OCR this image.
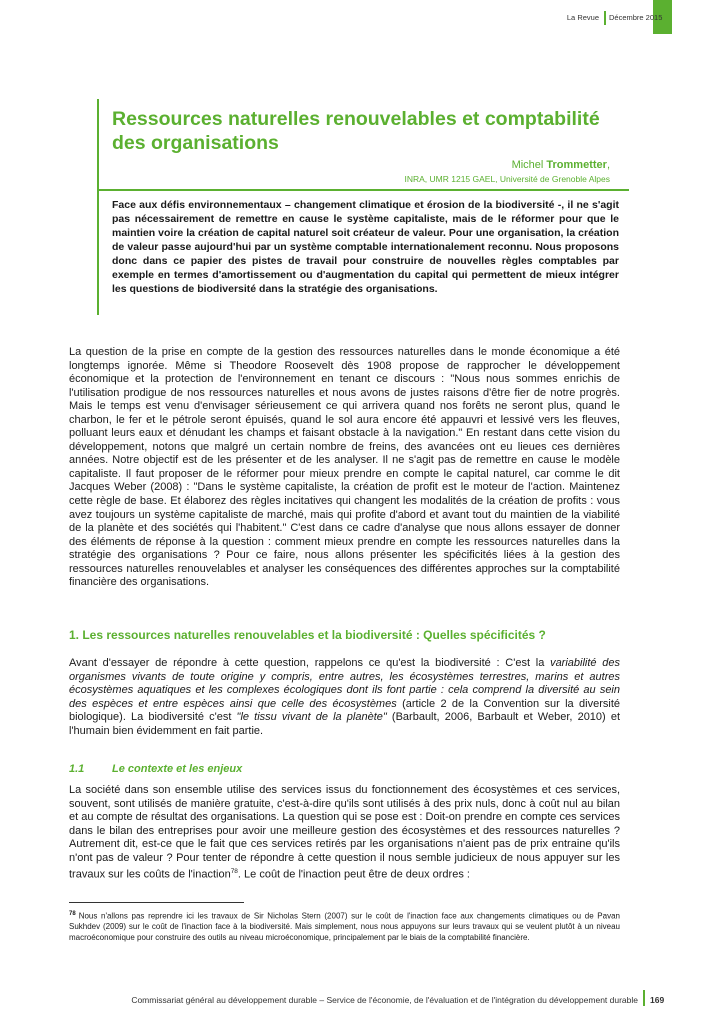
La Revue Décembre 2015
Ressources naturelles renouvelables et comptabilité des organisations
Michel Trommetter,
INRA, UMR 1215 GAEL, Université de Grenoble Alpes
Face aux défis environnementaux – changement climatique et érosion de la biodiversité -, il ne s'agit pas nécessairement de remettre en cause le système capitaliste, mais de le réformer pour que le maintien voire la création de capital naturel soit créateur de valeur. Pour une organisation, la création de valeur passe aujourd'hui par un système comptable internationalement reconnu. Nous proposons donc dans ce papier des pistes de travail pour construire de nouvelles règles comptables par exemple en termes d'amortissement ou d'augmentation du capital qui permettent de mieux intégrer les questions de biodiversité dans la stratégie des organisations.
La question de la prise en compte de la gestion des ressources naturelles dans le monde économique a été longtemps ignorée. Même si Theodore Roosevelt dès 1908 propose de rapprocher le développement économique et la protection de l'environnement en tenant ce discours : "Nous nous sommes enrichis de l'utilisation prodigue de nos ressources naturelles et nous avons de justes raisons d'être fier de notre progrès. Mais le temps est venu d'envisager sérieusement ce qui arrivera quand nos forêts ne seront plus, quand le charbon, le fer et le pétrole seront épuisés, quand le sol aura encore été appauvri et lessivé vers les fleuves, polluant leurs eaux et dénudant les champs et faisant obstacle à la navigation." En restant dans cette vision du développement, notons que malgré un certain nombre de freins, des avancées ont eu lieues ces dernières années. Notre objectif est de les présenter et de les analyser. Il ne s'agit pas de remettre en cause le modèle capitaliste. Il faut proposer de le réformer pour mieux prendre en compte le capital naturel, car comme le dit Jacques Weber (2008) : "Dans le système capitaliste, la création de profit est le moteur de l'action. Maintenez cette règle de base. Et élaborez des règles incitatives qui changent les modalités de la création de profits : vous avez toujours un système capitaliste de marché, mais qui profite d'abord et avant tout du maintien de la viabilité de la planète et des sociétés qui l'habitent." C'est dans ce cadre d'analyse que nous allons essayer de donner des éléments de réponse à la question : comment mieux prendre en compte les ressources naturelles dans la stratégie des organisations ? Pour ce faire, nous allons présenter les spécificités liées à la gestion des ressources naturelles renouvelables et analyser les conséquences des différentes approches sur la comptabilité financière des organisations.
1. Les ressources naturelles renouvelables et la biodiversité : Quelles spécificités ?
Avant d'essayer de répondre à cette question, rappelons ce qu'est la biodiversité : C'est la variabilité des organismes vivants de toute origine y compris, entre autres, les écosystèmes terrestres, marins et autres écosystèmes aquatiques et les complexes écologiques dont ils font partie : cela comprend la diversité au sein des espèces et entre espèces ainsi que celle des écosystèmes (article 2 de la Convention sur la diversité biologique). La biodiversité c'est "le tissu vivant de la planète" (Barbault, 2006, Barbault et Weber, 2010) et l'humain bien évidemment en fait partie.
1.1	Le contexte et les enjeux
La société dans son ensemble utilise des services issus du fonctionnement des écosystèmes et ces services, souvent, sont utilisés de manière gratuite, c'est-à-dire qu'ils sont utilisés à des prix nuls, donc à coût nul au bilan et au compte de résultat des organisations. La question qui se pose est : Doit-on prendre en compte ces services dans le bilan des entreprises pour avoir une meilleure gestion des écosystèmes et des ressources naturelles ? Autrement dit, est-ce que le fait que ces services retirés par les organisations n'aient pas de prix entraine qu'ils n'ont pas de valeur ? Pour tenter de répondre à cette question il nous semble judicieux de nous appuyer sur les travaux sur les coûts de l'inaction$^{78}$. Le coût de l'inaction peut être de deux ordres :
$^{78}$ Nous n'allons pas reprendre ici les travaux de Sir Nicholas Stern (2007) sur le coût de l'inaction face aux changements climatiques ou de Pavan Sukhdev (2009) sur le coût de l'inaction face à la biodiversité. Mais simplement, nous nous appuyons sur leurs travaux qui se veulent plutôt à un niveau macroéconomique pour construire des outils au niveau microéconomique, principalement par le biais de la comptabilité financière.
Commissariat général au développement durable – Service de l'économie, de l'évaluation et de l'intégration du développement durable 169
